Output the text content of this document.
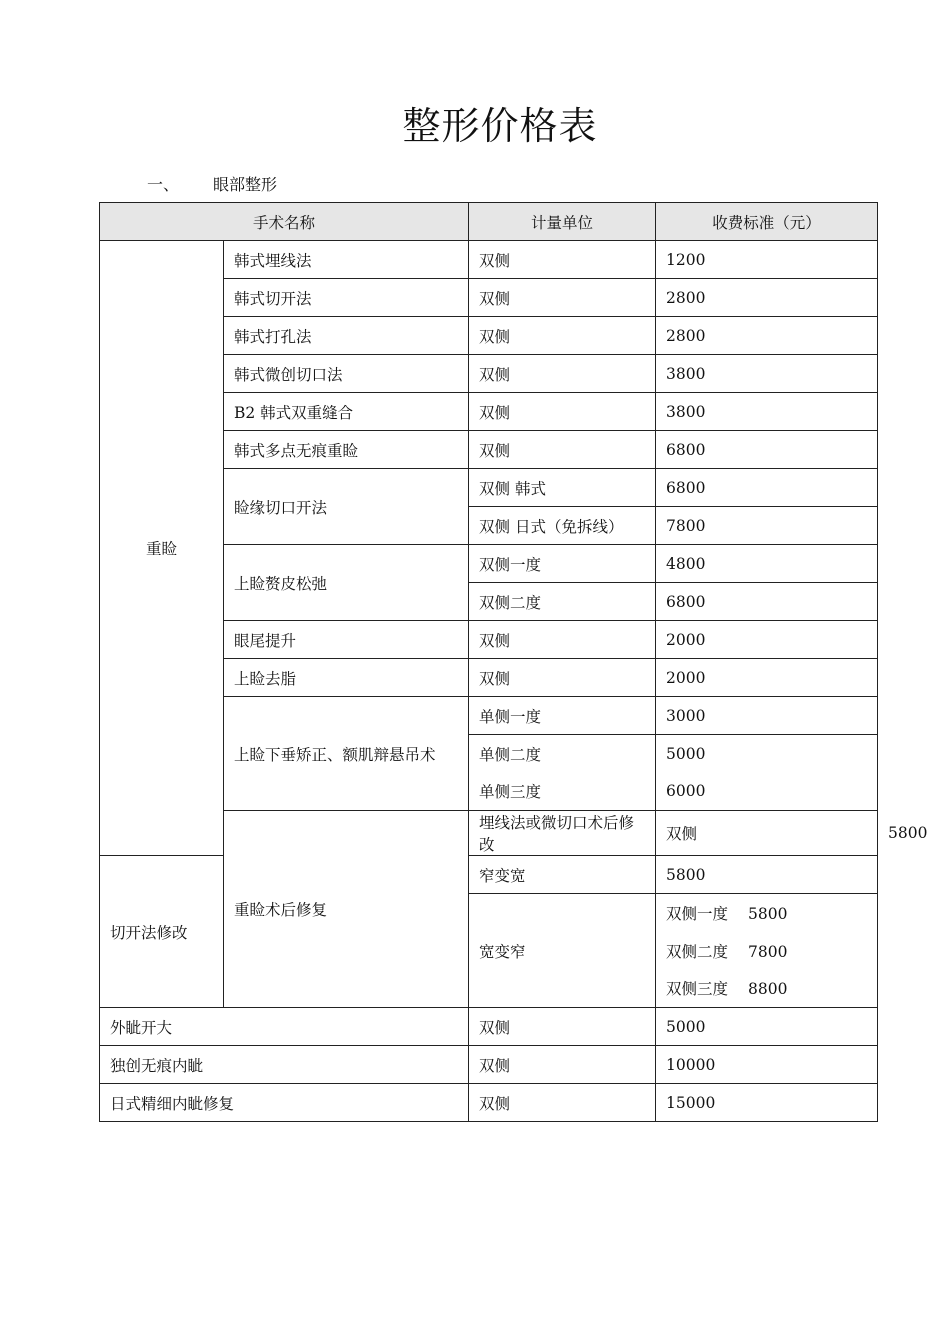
整形价格表
一、 眼部整形
手术名称		计量单位	收费标准（元）	
重睑	韩式埋线法	双侧	1200	
	韩式切开法	双侧	2800	
	韩式打孔法	双侧	2800	
	韩式微创切口法	双侧	3800	
	B2 韩式双重缝合	双侧	3800	
	韩式多点无痕重睑	双侧	6800	
	睑缘切口开法	双侧 韩式	6800	
		双侧 日式（免拆线）	7800	
	上睑赘皮松弛	双侧一度	4800	
		双侧二度	6800	
	眼尾提升	双侧	2000	
	上睑去脂	双侧	2000	
	上睑下垂矫正、额肌辩悬吊术	单侧一度	3000	
		单侧二度	5000	
		单侧三度	6000	
	重睑术后修复	埋线法或微切口术后修改	双侧	5800
切开法修改		窄变宽	5800	
		宽变窄	双侧一度 5800	
			双侧二度 7800	
			双侧三度 8800	
外眦开大		双侧	5000	
独创无痕内眦		双侧	10000	
日式精细内眦修复		双侧	15000	
